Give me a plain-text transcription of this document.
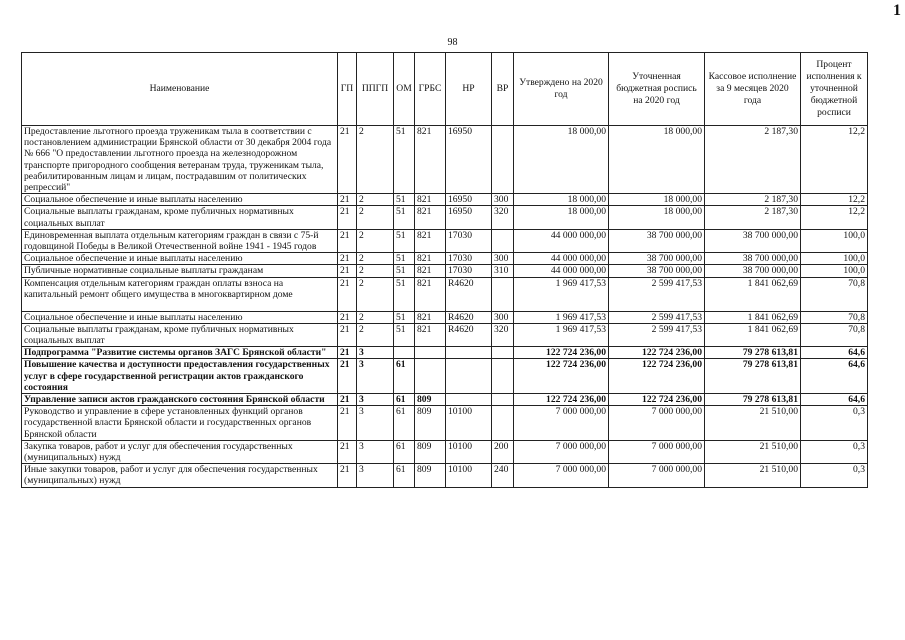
1
98
Наименование	ГП	ППГП	ОМ	ГРБС	НР	ВР	Утверждено на 2020 год	Уточненная бюджетная роспись на 2020 год	Кассовое исполнение за 9 месяцев 2020 года	Процент исполнения к уточненной бюджетной росписи
Предоставление льготного проезда труженикам тыла в соответствии с постановлением администрации Брянской области от 30 декабря 2004 года № 666 "О предоставлении льготного проезда на железнодорожном транспорте пригородного сообщения ветеранам труда, труженикам тыла, реабилитированным лицам и лицам, пострадавшим от политических репрессий"	21	2	51	821	16950		18 000,00	18 000,00	2 187,30	12,2
Социальное обеспечение и иные выплаты населению	21	2	51	821	16950	300	18 000,00	18 000,00	2 187,30	12,2
Социальные выплаты гражданам, кроме публичных нормативных социальных выплат	21	2	51	821	16950	320	18 000,00	18 000,00	2 187,30	12,2
Единовременная выплата отдельным категориям граждан в связи с 75-й годовщиной Победы в Великой Отечественной войне 1941 - 1945 годов	21	2	51	821	17030		44 000 000,00	38 700 000,00	38 700 000,00	100,0
Социальное обеспечение и иные выплаты населению	21	2	51	821	17030	300	44 000 000,00	38 700 000,00	38 700 000,00	100,0
Публичные нормативные социальные выплаты гражданам	21	2	51	821	17030	310	44 000 000,00	38 700 000,00	38 700 000,00	100,0
Компенсация отдельным категориям граждан оплаты взноса на капитальный ремонт общего имущества в многоквартирном доме	21	2	51	821	R4620		1 969 417,53	2 599 417,53	1 841 062,69	70,8
Социальное обеспечение и иные выплаты населению	21	2	51	821	R4620	300	1 969 417,53	2 599 417,53	1 841 062,69	70,8
Социальные выплаты гражданам, кроме публичных нормативных социальных выплат	21	2	51	821	R4620	320	1 969 417,53	2 599 417,53	1 841 062,69	70,8
Подпрограмма "Развитие системы органов ЗАГС Брянской области"	21	3					122 724 236,00	122 724 236,00	79 278 613,81	64,6
Повышение качества и доступности предоставления государственных услуг в сфере государственной регистрации актов гражданского состояния	21	3	61				122 724 236,00	122 724 236,00	79 278 613,81	64,6
Управление записи актов гражданского состояния Брянской области	21	3	61	809			122 724 236,00	122 724 236,00	79 278 613,81	64,6
Руководство и управление в сфере установленных функций органов государственной власти Брянской области и государственных органов Брянской области	21	3	61	809	10100		7 000 000,00	7 000 000,00	21 510,00	0,3
Закупка товаров, работ и услуг для обеспечения государственных (муниципальных) нужд	21	3	61	809	10100	200	7 000 000,00	7 000 000,00	21 510,00	0,3
Иные закупки товаров, работ и услуг для обеспечения государственных (муниципальных) нужд	21	3	61	809	10100	240	7 000 000,00	7 000 000,00	21 510,00	0,3
